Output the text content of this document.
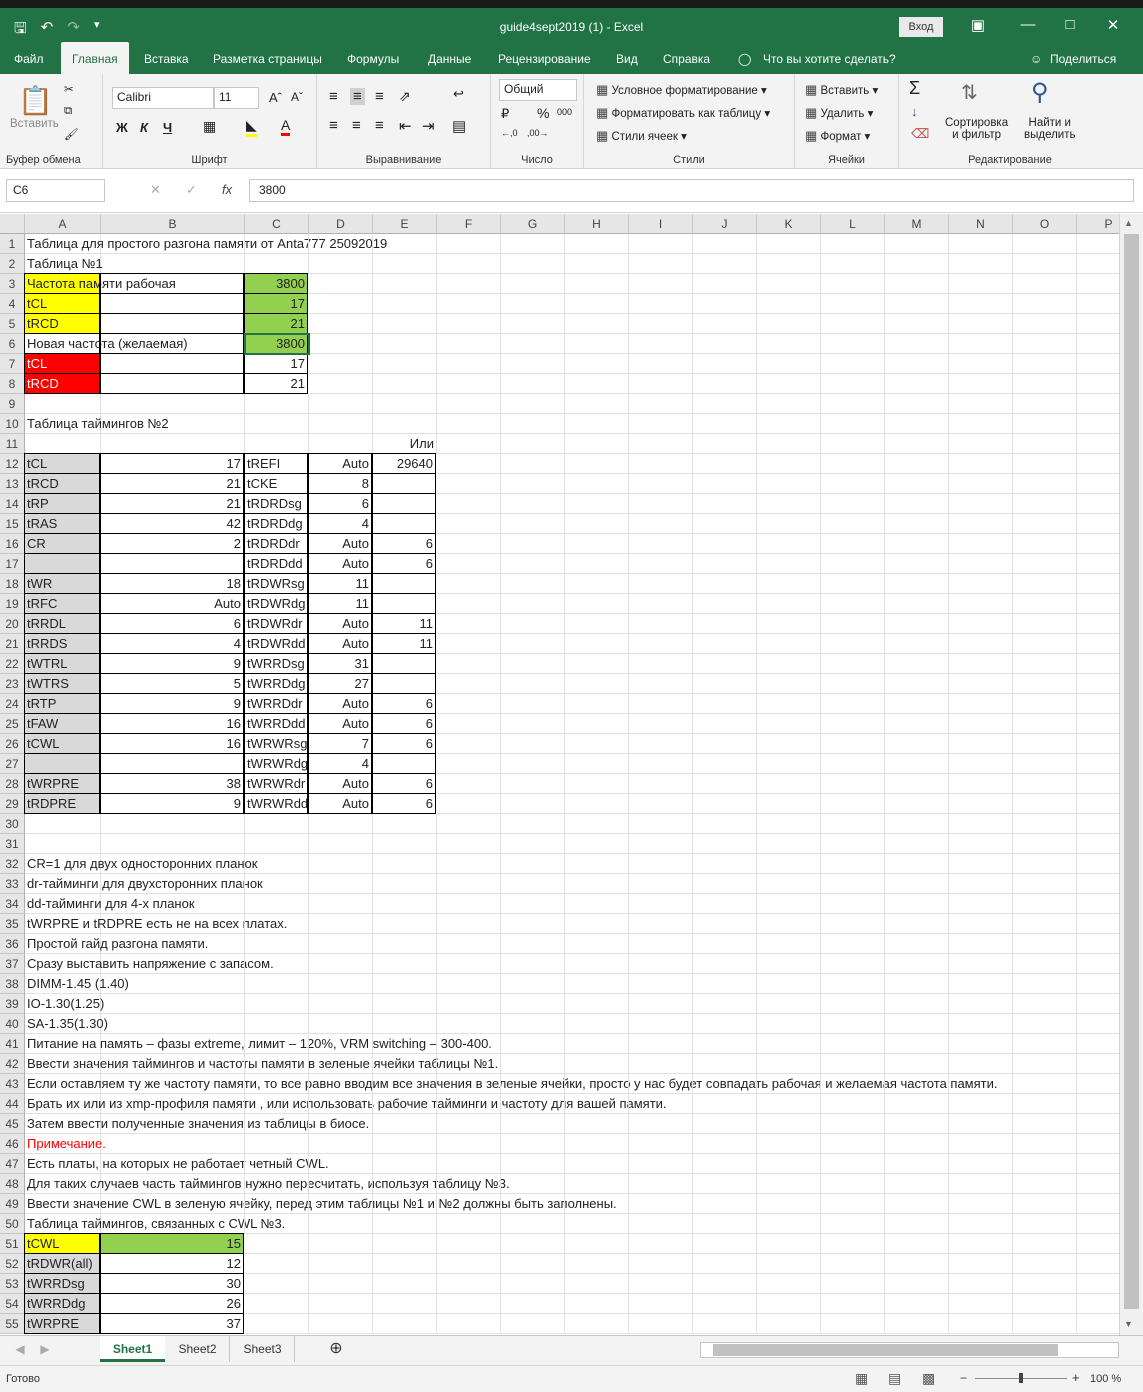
🖫 ↶ ↷ ▾	guide4sept2019 (1) - Excel	Вход	▣ —	□	✕
Файл	Главная	Вставка Разметка страницы Формулы Данные Рецензирование Вид Справка ◯ Что вы хотите сделать?	☺ Поделиться
📋
Вставить
✂
⧉
🖌
Буфер обмена
Calibri	11	Aˆ Aˇ
Ж К Ч ▦ ◣ A
Шрифт
≡ ≡ ≡ ⇗	↩
≡ ≡ ≡ ⇤ ⇥ ▤
Выравнивание
Общий
₽ % 000
←,0 ,00→
Число
▦ Условное форматирование ▾
▦ Форматировать как таблицу ▾
▦ Стили ячеек ▾
Стили
▦ Вставить ▾
▦ Удалить ▾
▦ Формат ▾
Ячейки
Σ
↓
⌫
⇅
Сортировка
и фильтр
⚲
Найти и
выделить
Редактирование
C6	✕ ✓ fx	3800
A	B	C	D	E	F	G	H	I	J	K	L	M	N	O	P
1 Таблица для простого разгона памяти от Anta777 25092019
2 Таблица №1
3 Частота памяти рабочая	3800
4 tCL	17
5 tRCD	21
6 Новая частота (желаемая)	3800
7 tCL	17
8 tRCD	21
9
10 Таблица таймингов №2
11	Или
12 tCL	17 tREFI	Auto	29640
13 tRCD	21 tCKE	8
14 tRP	21 tRDRDsg	6
15 tRAS	42 tRDRDdg	4
16 CR	2 tRDRDdr	Auto	6
17	tRDRDdd	Auto	6
18 tWR	18 tRDWRsg	11
19 tRFC	Auto tRDWRdg	11
20 tRRDL	6 tRDWRdr	Auto	11
21 tRRDS	4 tRDWRdd	Auto	11
22 tWTRL	9 tWRRDsg	31
23 tWTRS	5 tWRRDdg	27
24 tRTP	9 tWRRDdr	Auto	6
25 tFAW	16 tWRRDdd	Auto	6
26 tCWL	16 tWRWRsg	7	6
27	tWRWRdg	4
28 tWRPRE	38 tWRWRdr	Auto	6
29 tRDPRE	9 tWRWRdd	Auto	6
30
31
32 CR=1 для двух односторонних планок
33 dr-тайминги для двухсторонних планок
34 dd-тайминги для 4-х планок
35 tWRPRE и tRDPRE есть не на всех платах.
36 Простой гайд разгона памяти.
37 Сразу выставить напряжение с запасом.
38 DIMM-1.45 (1.40)
39 IO-1.30(1.25)
40 SA-1.35(1.30)
41 Питание на память – фазы extreme, лимит – 120%, VRM switching – 300-400.
42 Ввести значения таймингов и частоты памяти в зеленые ячейки таблицы №1.
43 Если оставляем ту же частоту памяти, то все равно вводим все значения в зеленые ячейки, просто у нас будет совпадать рабочая и желаемая частота памяти.
44 Брать их или из xmp-профиля памяти , или использовать рабочие тайминги и частоту для вашей памяти.
45 Затем ввести полученные значения из таблицы в биосе.
46 Примечание.
47 Есть платы, на которых не работает четный CWL.
48 Для таких случаев часть таймингов нужно пересчитать, используя таблицу №3.
49 Ввести значение CWL в зеленую ячейку, перед этим таблицы №1 и №2 должны быть заполнены.
50 Таблица таймингов, связанных с CWL №3.
51 tCWL	15
52 tRDWR(all)	12
53 tWRRDsg	30
54 tWRRDdg	26
55 tWRPRE	37
▲
▼
◀	▶	Sheet1	Sheet2	Sheet3	⊕
Готово	▦ ▤ ▩ −	+ 100 %
